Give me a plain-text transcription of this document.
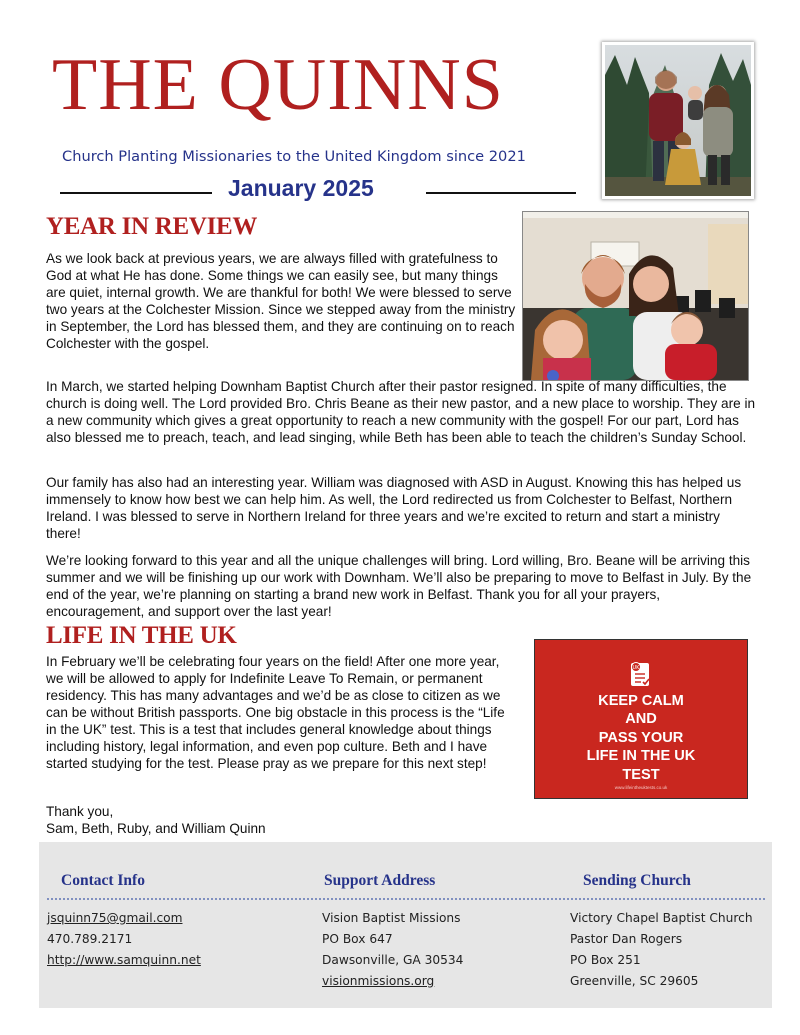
THE QUINNS
Church Planting Missionaries to the United Kingdom since 2021
January 2025
YEAR IN REVIEW
As we look back at previous years, we are always filled with gratefulness to God at what He has done. Some things we can easily see, but many things are quiet, internal growth. We are thankful for both! We were blessed to serve two years at the Colchester Mission. Since we stepped away from the ministry in September, the Lord has blessed them, and they are continuing on to reach Colchester with the gospel.
In March, we started helping Downham Baptist Church after their pastor resigned. In spite of many difficulties, the church is doing well. The Lord provided Bro. Chris Beane as their new pastor, and a new place to worship. They are in a new community which gives a great opportunity to reach a new community with the gospel! For our part, Lord has also blessed me to preach, teach, and lead singing, while Beth has been able to teach the children’s Sunday School.
Our family has also had an interesting year. William was diagnosed with ASD in August. Knowing this has helped us immensely to know how best we can help him. As well, the Lord redirected us from Colchester to Belfast, Northern Ireland. I was blessed to serve in Northern Ireland for three years and we’re excited to return and start a ministry there!
We’re looking forward to this year and all the unique challenges will bring. Lord willing, Bro. Beane will be arriving this summer and we will be finishing up our work with Downham. We’ll also be preparing to move to Belfast in July. By the end of the year, we’re planning on starting a brand new work in Belfast. Thank you for all your prayers, encouragement, and support over the last year!
LIFE IN THE UK
In February we’ll be celebrating four years on the field! After one more year, we will be allowed to apply for Indefinite Leave To Remain, or permanent residency. This has many advantages and we’d be as close to citizen as we can be without British passports. One big obstacle in this process is the “Life in the UK” test. This is a test that includes general knowledge about things including history, legal information, and even pop culture. Beth and I have started studying for the test. Please pray as we prepare for this next step!
UK
KEEP CALM
AND
PASS YOUR
LIFE IN THE UK
TEST
www.lifeintheuktests.co.uk
Thank you,
Sam, Beth, Ruby, and William Quinn
Contact Info	Support Address	Sending Church
jsquinn75@gmail.com
470.789.2171
http://www.samquinn.net
Vision Baptist Missions
PO Box 647
Dawsonville, GA 30534
visionmissions.org
Victory Chapel Baptist Church
Pastor Dan Rogers
PO Box 251
Greenville, SC 29605
